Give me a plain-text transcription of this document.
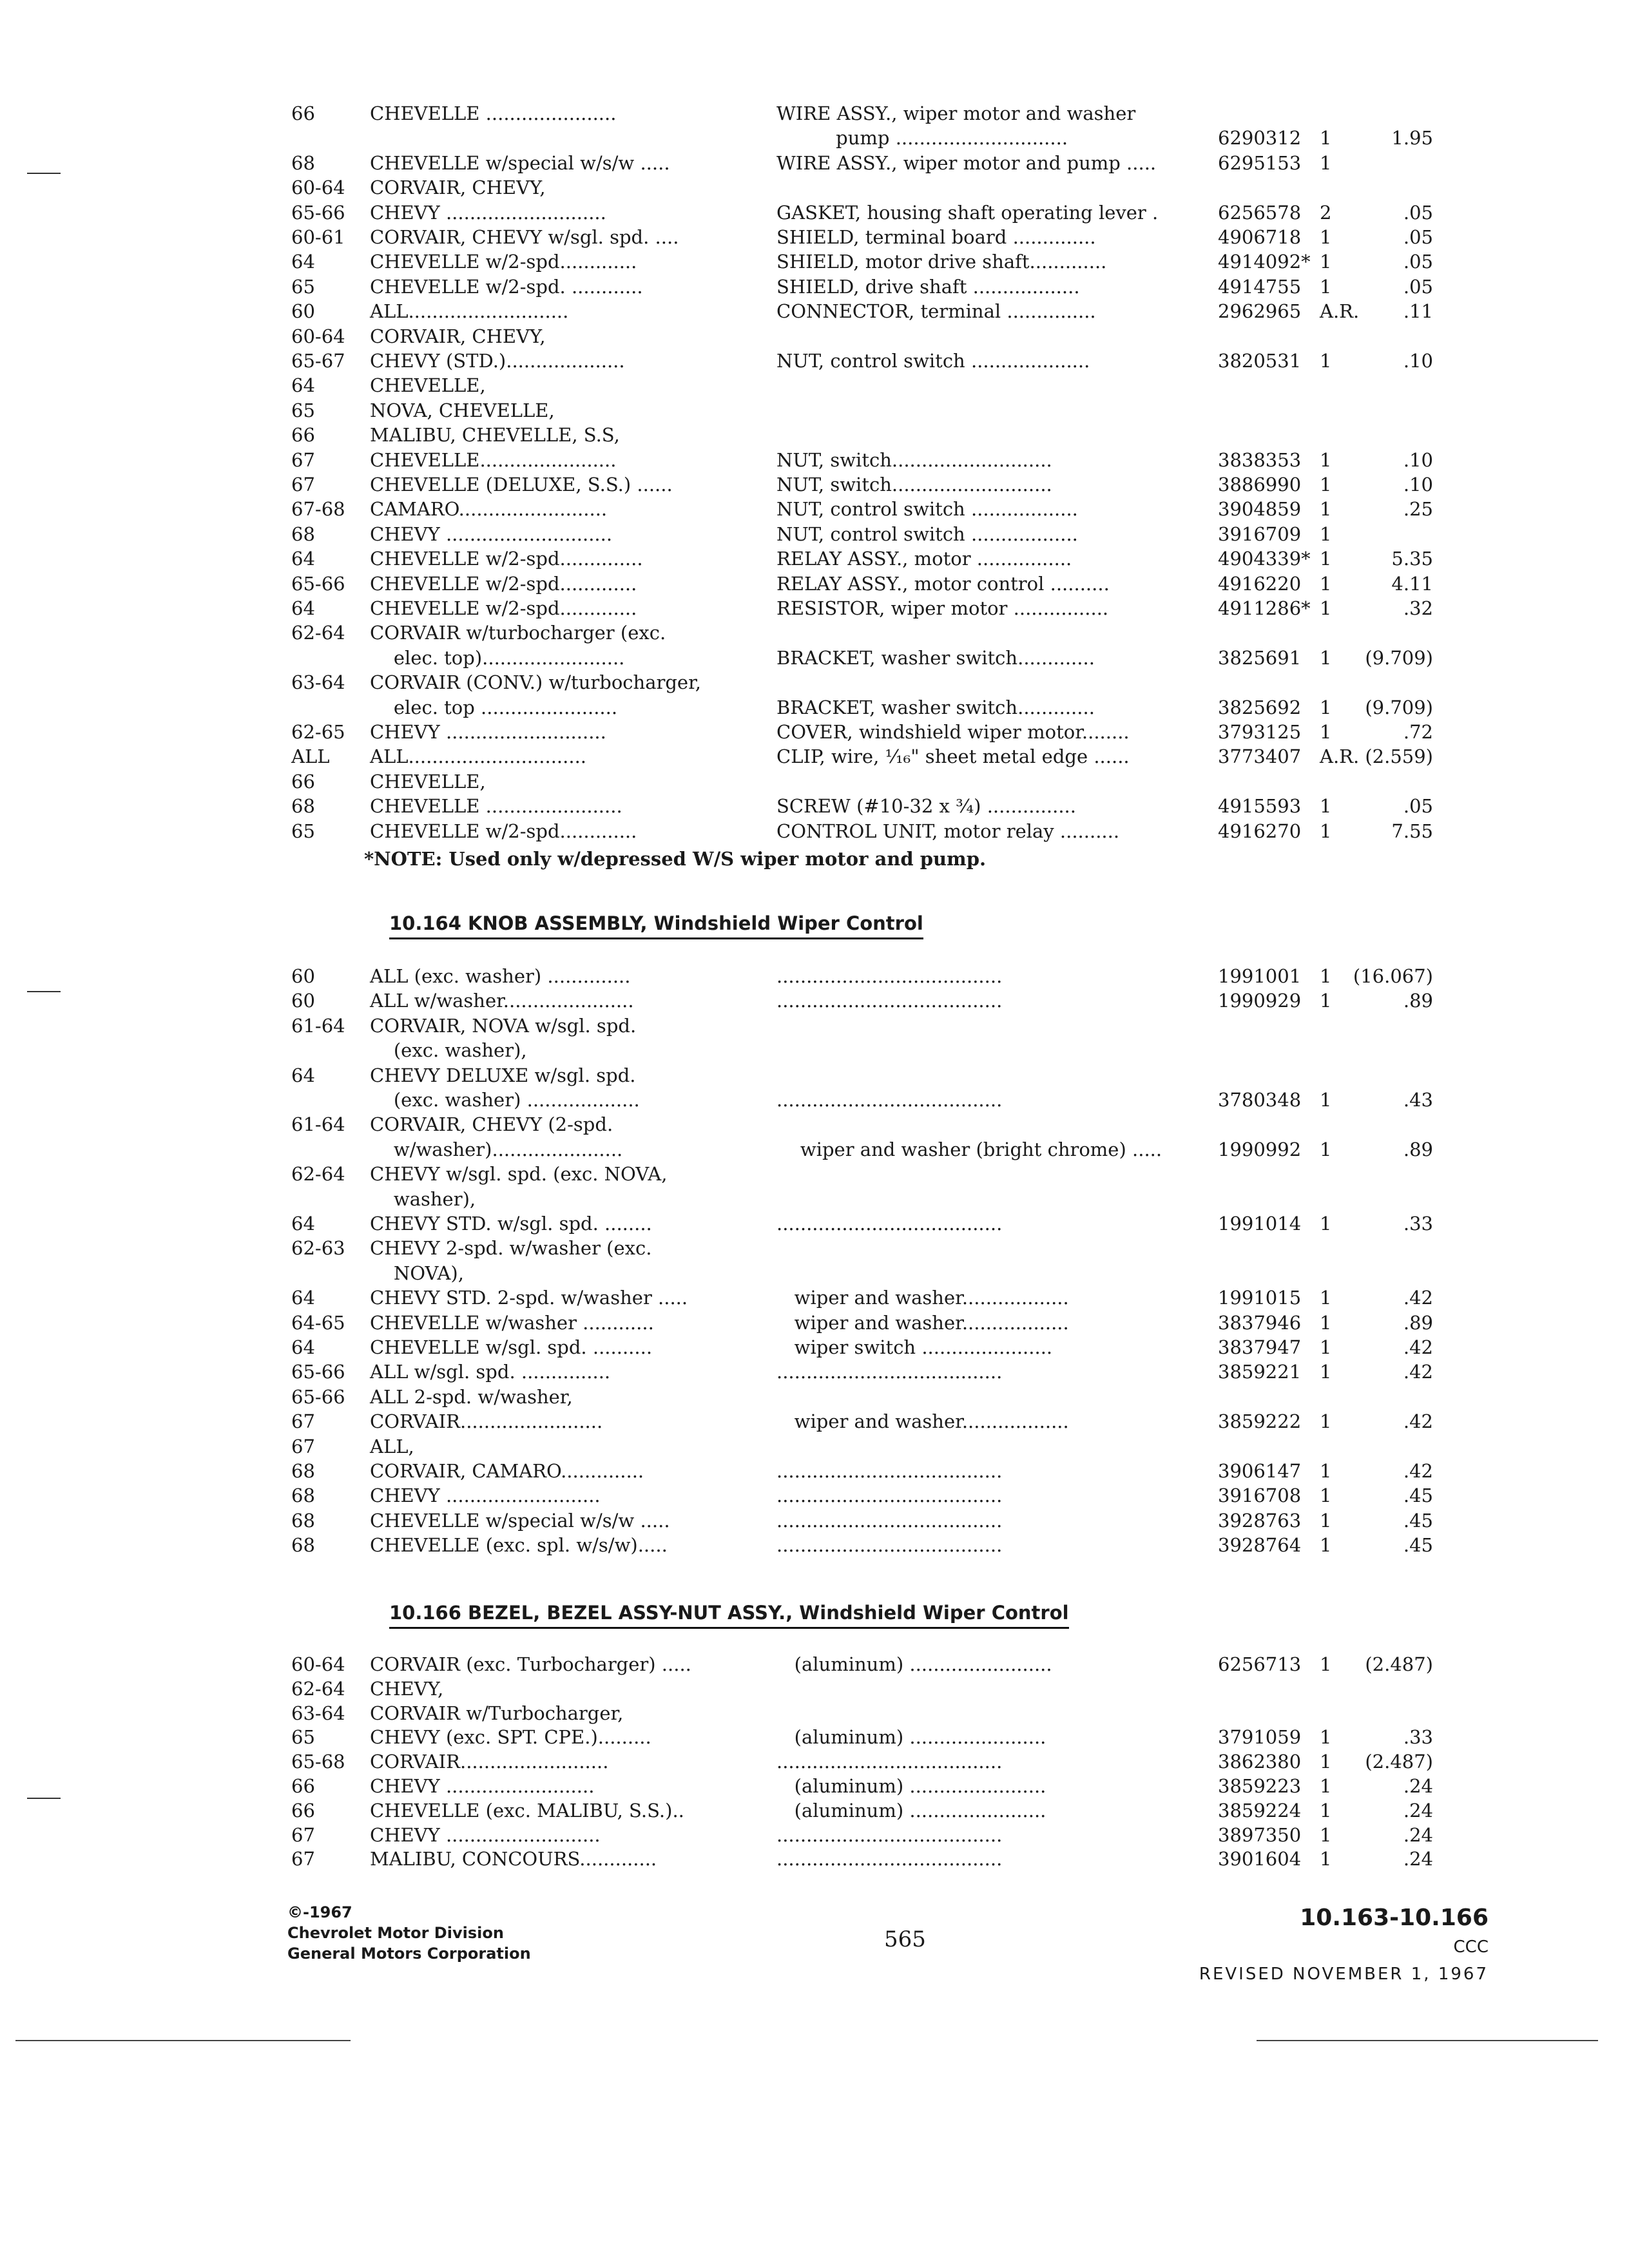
66	CHEVELLE ......................	WIRE ASSY., wiper motor and washer
pump .............................	6290312 1	1.95
68	CHEVELLE w/special w/s/w .....	WIRE ASSY., wiper motor and pump .....	6295153 1
60-64 CORVAIR, CHEVY,
65-66 CHEVY ...........................	GASKET, housing shaft operating lever .	6256578 2	.05
60-61 CORVAIR, CHEVY w/sgl. spd. ....	SHIELD, terminal board ..............	4906718 1	.05
64	CHEVELLE w/2-spd.............	SHIELD, motor drive shaft.............	4914092* 1	.05
65	CHEVELLE w/2-spd. ............	SHIELD, drive shaft ..................	4914755 1	.05
60	ALL...........................	CONNECTOR, terminal ...............	2962965 A.R. .11
60-64 CORVAIR, CHEVY,
65-67 CHEVY (STD.)....................	NUT, control switch ....................	3820531 1	.10
64	CHEVELLE,
65	NOVA, CHEVELLE,
66	MALIBU, CHEVELLE, S.S,
67	CHEVELLE.......................	NUT, switch...........................	3838353 1	.10
67	CHEVELLE (DELUXE, S.S.) ......	NUT, switch...........................	3886990 1	.10
67-68 CAMARO.........................	NUT, control switch ..................	3904859 1	.25
68	CHEVY ............................	NUT, control switch ..................	3916709 1
64	CHEVELLE w/2-spd..............	RELAY ASSY., motor ................	4904339* 1	5.35
65-66 CHEVELLE w/2-spd.............	RELAY ASSY., motor control ..........	4916220 1	4.11
64	CHEVELLE w/2-spd.............	RESISTOR, wiper motor ................	4911286* 1	.32
62-64 CORVAIR w/turbocharger (exc.
elec. top)........................	BRACKET, washer switch.............	3825691 1 (9.709)
63-64 CORVAIR (CONV.) w/turbocharger,
elec. top .......................	BRACKET, washer switch.............	3825692 1 (9.709)
62-65 CHEVY ...........................	COVER, windshield wiper motor........	3793125 1	.72
ALL ALL..............................	CLIP, wire, ¹⁄₁₆" sheet metal edge ......	3773407 A.R. (2.559)
66	CHEVELLE,
68	CHEVELLE .......................	SCREW (#10-32 x ³⁄₄) ...............	4915593 1	.05
65	CHEVELLE w/2-spd.............	CONTROL UNIT, motor relay ..........	4916270 1	7.55
*NOTE: Used only w/depressed W/S wiper motor and pump.
10.164 KNOB ASSEMBLY, Windshield Wiper Control
60	ALL (exc. washer) ..............	......................................	1991001 1 (16.067)
60	ALL w/washer......................	......................................	1990929 1	.89
61-64 CORVAIR, NOVA w/sgl. spd.
(exc. washer),
64	CHEVY DELUXE w/sgl. spd.
(exc. washer) ...................	......................................	3780348 1	.43
61-64 CORVAIR, CHEVY (2-spd.
w/washer)......................	wiper and washer (bright chrome) .....	1990992 1	.89
62-64 CHEVY w/sgl. spd. (exc. NOVA,
washer),
64	CHEVY STD. w/sgl. spd. ........	......................................	1991014 1	.33
62-63 CHEVY 2-spd. w/washer (exc.
NOVA),
64	CHEVY STD. 2-spd. w/washer .....	wiper and washer..................	1991015 1	.42
64-65 CHEVELLE w/washer ............	wiper and washer..................	3837946 1	.89
64	CHEVELLE w/sgl. spd. ..........	wiper switch ......................	3837947 1	.42
65-66 ALL w/sgl. spd. ...............	......................................	3859221 1	.42
65-66 ALL 2-spd. w/washer,
67	CORVAIR........................	wiper and washer..................	3859222 1	.42
67	ALL,
68	CORVAIR, CAMARO..............	......................................	3906147 1	.42
68	CHEVY ..........................	......................................	3916708 1	.45
68	CHEVELLE w/special w/s/w .....	......................................	3928763 1	.45
68	CHEVELLE (exc. spl. w/s/w).....	......................................	3928764 1	.45
10.166 BEZEL, BEZEL ASSY-NUT ASSY., Windshield Wiper Control
60-64 CORVAIR (exc. Turbocharger) .....	(aluminum) ........................	6256713 1 (2.487)
62-64 CHEVY,
63-64 CORVAIR w/Turbocharger,
65	CHEVY (exc. SPT. CPE.).........	(aluminum) .......................	3791059 1	.33
65-68 CORVAIR.........................	......................................	3862380 1 (2.487)
66	CHEVY .........................	(aluminum) .......................	3859223 1	.24
66	CHEVELLE (exc. MALIBU, S.S.)..	(aluminum) .......................	3859224 1	.24
67	CHEVY ..........................	......................................	3897350 1	.24
67	MALIBU, CONCOURS.............	......................................	3901604 1	.24
©-1967
Chevrolet Motor Division
General Motors Corporation
565
10.163-10.166
CCC
REVISED NOVEMBER 1, 1967
